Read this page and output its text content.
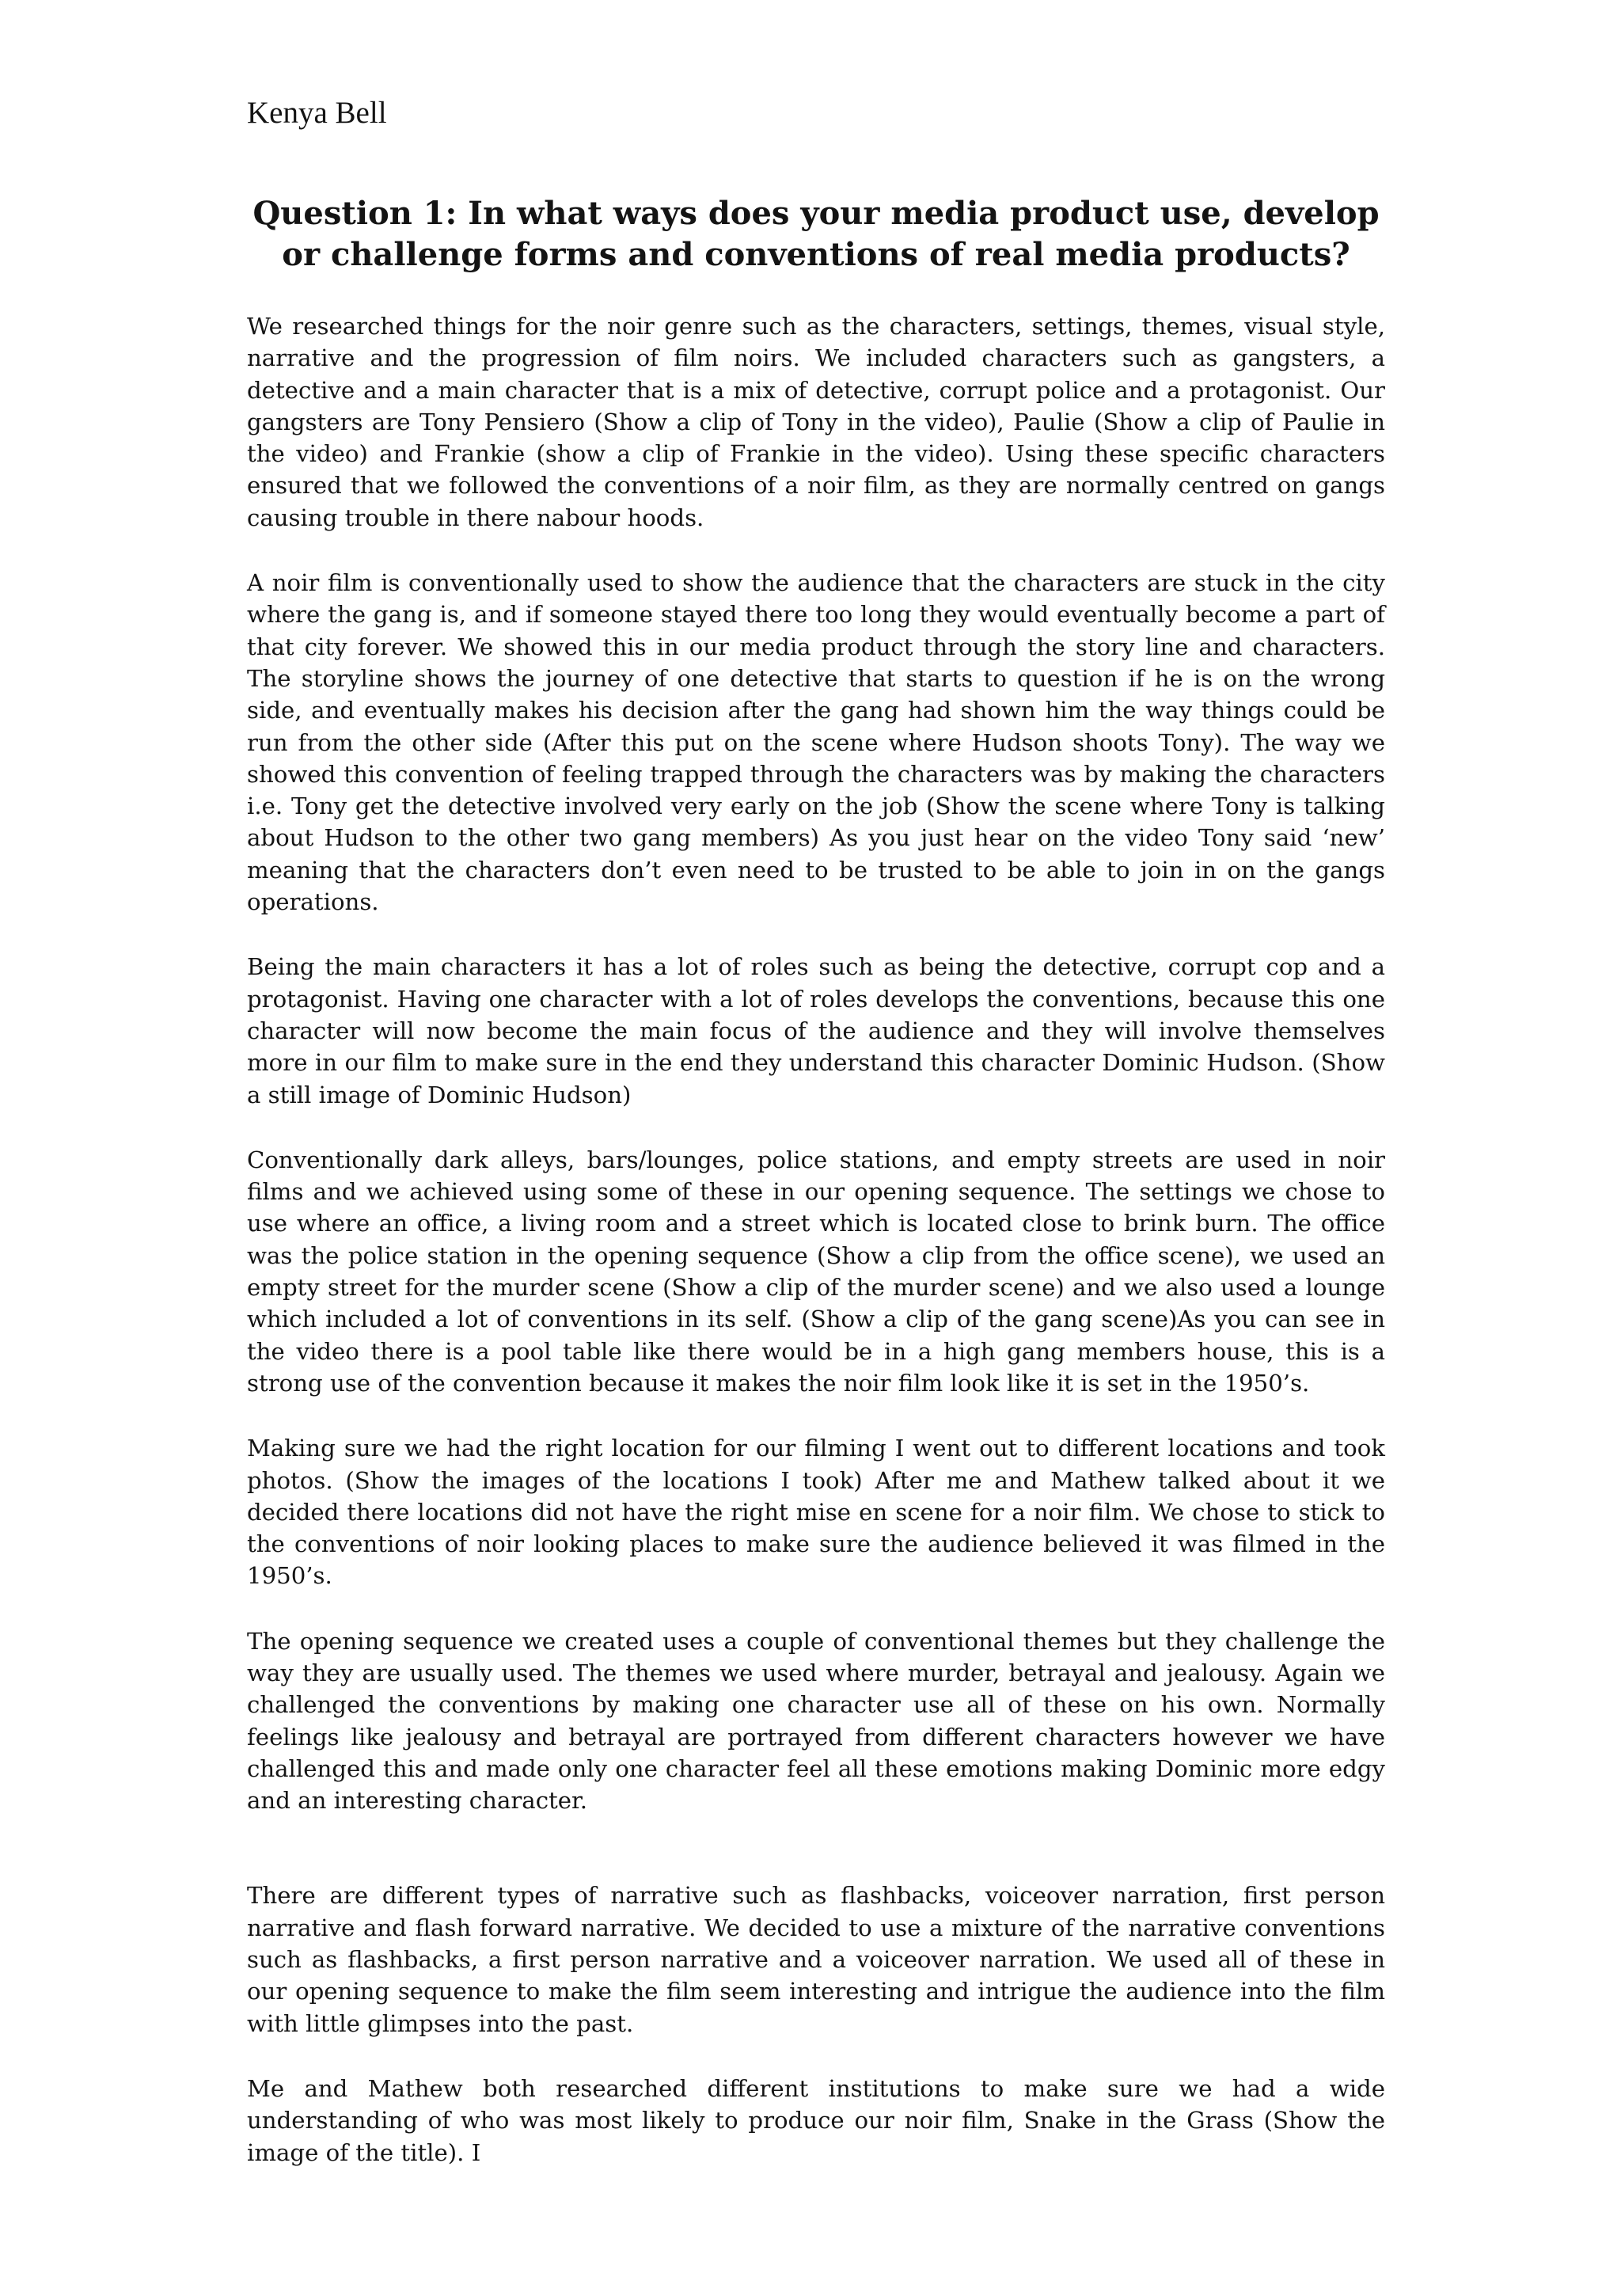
Kenya Bell
Question 1: In what ways does your media product use, develop or challenge forms and conventions of real media products?

We researched things for the noir genre such as the characters, settings, themes, visual style, narrative and the progression of film noirs. We included characters such as gangsters, a detective and a main character that is a mix of detective, corrupt police and a protagonist. Our gangsters are Tony Pensiero (Show a clip of Tony in the video), Paulie (Show a clip of Paulie in the video) and Frankie (show a clip of Frankie in the video). Using these specific characters ensured that we followed the conventions of a noir film, as they are normally centred on gangs causing trouble in there nabour hoods.

A noir film is conventionally used to show the audience that the characters are stuck in the city where the gang is, and if someone stayed there too long they would eventually become a part of that city forever. We showed this in our media product through the story line and characters. The storyline shows the journey of one detective that starts to question if he is on the wrong side, and eventually makes his decision after the gang had shown him the way things could be run from the other side (After this put on the scene where Hudson shoots Tony). The way we showed this convention of feeling trapped through the characters was by making the characters i.e. Tony get the detective involved very early on the job (Show the scene where Tony is talking about Hudson to the other two gang members) As you just hear on the video Tony said ‘new’ meaning that the characters don’t even need to be trusted to be able to join in on the gangs operations.

Being the main characters it has a lot of roles such as being the detective, corrupt cop and a protagonist. Having one character with a lot of roles develops the conventions, because this one character will now become the main focus of the audience and they will involve themselves more in our film to make sure in the end they understand this character Dominic Hudson. (Show a still image of Dominic Hudson)

Conventionally dark alleys, bars/lounges, police stations, and empty streets are used in noir films and we achieved using some of these in our opening sequence. The settings we chose to use where an office, a living room and a street which is located close to brink burn. The office was the police station in the opening sequence (Show a clip from the office scene), we used an empty street for the murder scene (Show a clip of the murder scene) and we also used a lounge which included a lot of conventions in its self. (Show a clip of the gang scene)As you can see in the video there is a pool table like there would be in a high gang members house, this is a strong use of the convention because it makes the noir film look like it is set in the 1950’s.

Making sure we had the right location for our filming I went out to different locations and took photos. (Show the images of the locations I took) After me and Mathew talked about it we decided there locations did not have the right mise en scene for a noir film. We chose to stick to the conventions of noir looking places to make sure the audience believed it was filmed in the 1950’s.

The opening sequence we created uses a couple of conventional themes but they challenge the way they are usually used. The themes we used where murder, betrayal and jealousy. Again we challenged the conventions by making one character use all of these on his own. Normally feelings like jealousy and betrayal are portrayed from different characters however we have challenged this and made only one character feel all these emotions making Dominic more edgy and an interesting character.

There are different types of narrative such as flashbacks, voiceover narration, first person narrative and flash forward narrative. We decided to use a mixture of the narrative conventions such as flashbacks, a first person narrative and a voiceover narration. We used all of these in our opening sequence to make the film seem interesting and intrigue the audience into the film with little glimpses into the past.

Me and Mathew both researched different institutions to make sure we had a wide understanding of who was most likely to produce our noir film, Snake in the Grass (Show the image of the title). I
